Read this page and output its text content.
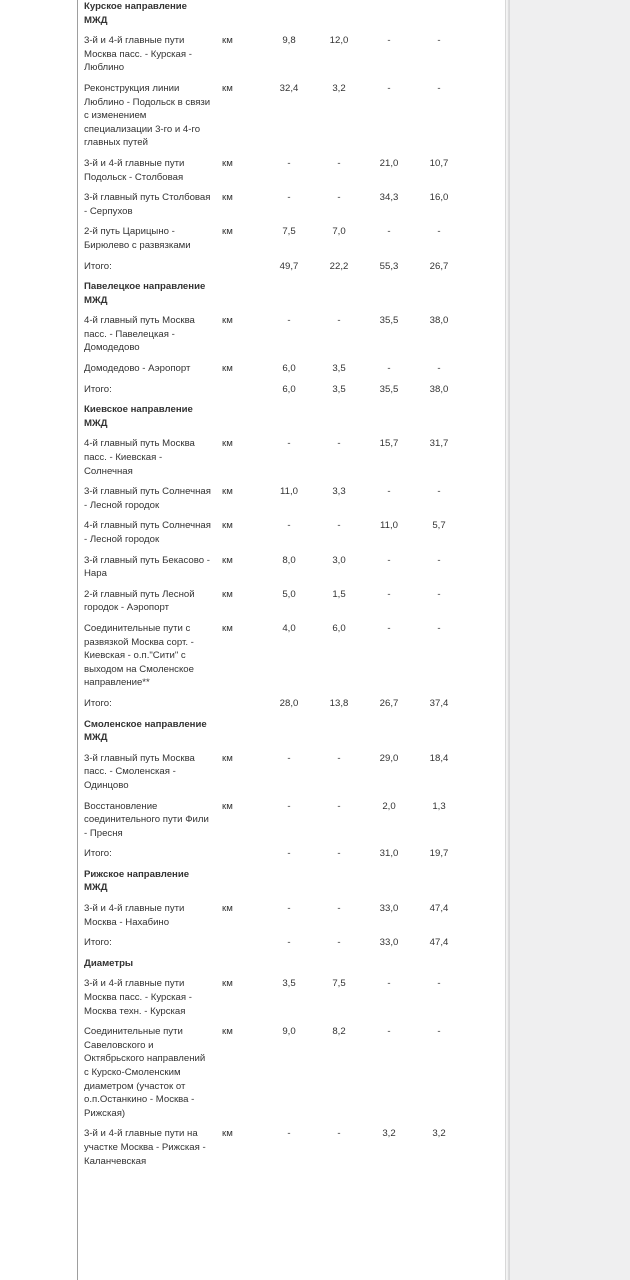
Курское направление МЖД					
3-й и 4-й главные пути Москва пасс. - Курская - Люблино	км	9,8	12,0	-	-
Реконструкция линии Люблино - Подольск в связи с изменением специализации 3-го и 4-го главных путей	км	32,4	3,2	-	-
3-й и 4-й главные пути Подольск - Столбовая	км	-	-	21,0	10,7
3-й главный путь Столбовая - Серпухов	км	-	-	34,3	16,0
2-й путь Царицыно - Бирюлево с развязками	км	7,5	7,0	-	-
Итого:		49,7	22,2	55,3	26,7
Павелецкое направление МЖД					
4-й главный путь Москва пасс. - Павелецкая - Домодедово	км	-	-	35,5	38,0
Домодедово - Аэропорт	км	6,0	3,5	-	-
Итого:		6,0	3,5	35,5	38,0
Киевское направление МЖД					
4-й главный путь Москва пасс. - Киевская - Солнечная	км	-	-	15,7	31,7
3-й главный путь Солнечная - Лесной городок	км	11,0	3,3	-	-
4-й главный путь Солнечная - Лесной городок	км	-	-	11,0	5,7
3-й главный путь Бекасово - Нара	км	8,0	3,0	-	-
2-й главный путь Лесной городок - Аэропорт	км	5,0	1,5	-	-
Соединительные пути с развязкой Москва сорт. - Киевская - о.п."Сити" с выходом на Смоленское направление**	км	4,0	6,0	-	-
Итого:		28,0	13,8	26,7	37,4
Смоленское направление МЖД					
3-й главный путь Москва пасс. - Смоленская - Одинцово	км	-	-	29,0	18,4
Восстановление соединительного пути Фили - Пресня	км	-	-	2,0	1,3
Итого:		-	-	31,0	19,7
Рижское направление МЖД					
3-й и 4-й главные пути Москва - Нахабино	км	-	-	33,0	47,4
Итого:		-	-	33,0	47,4
Диаметры					
3-й и 4-й главные пути Москва пасс. - Курская - Москва техн. - Курская	км	3,5	7,5	-	-
Соединительные пути Савеловского и Октябрьского направлений с Курско-Смоленским диаметром (участок от о.п.Останкино - Москва - Рижская)	км	9,0	8,2	-	-
3-й и 4-й главные пути на участке Москва - Рижская - Каланчевская	км	-	-	3,2	3,2
